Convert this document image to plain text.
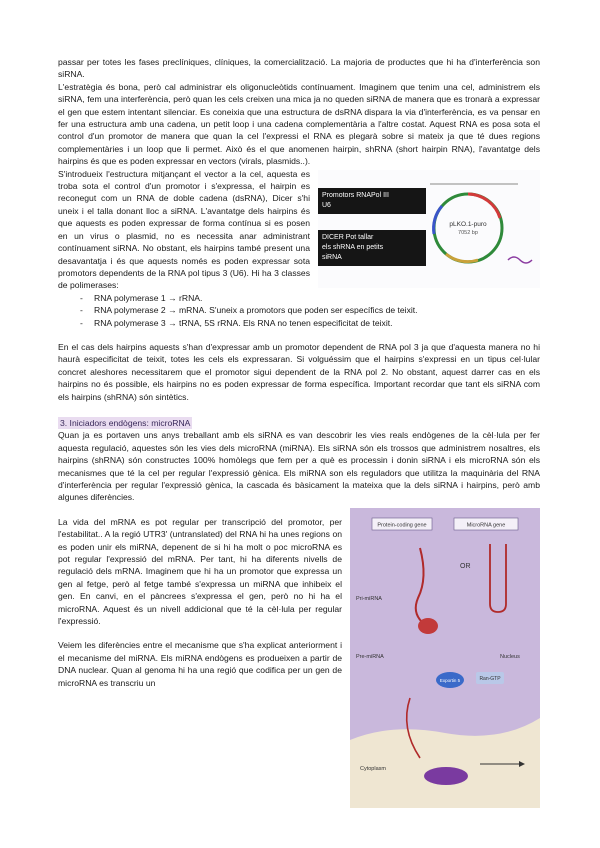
passar per totes les fases preclíniques, clíniques, la comercialització. La majoria de productes que hi ha d'interferència son siRNA.

L'estratègia és bona, però cal administrar els oligonucleòtids contínuament. Imaginem que tenim una cel, administrem els siRNA, fem una interferència, però quan les cels creixen una mica ja no queden siRNA de manera que es tronarà a expressar el gen que estem intentant silenciar. Es coneixia que una estructura de dsRNA dispara la via d'interferència, es va pensar en fer una estructura amb una cadena, un petit loop i una cadena complementària a l'altre costat. Aquest RNA es posa sota el control d'un promotor de manera que quan la cel l'expressi el RNA es plegarà sobre si mateix ja que té dues regions complementàries i un loop que li permet. Això és el que anomenen hairpin, shRNA (short hairpin RNA), l'avantatge dels hairpins és que es poden expressar en vectors (virals, plasmids..).

pLKO.1-puro
7052 bp
Promotors RNAPol III
U6
DICER Pot tallar
els shRNA en petits
siRNA

S'introdueix l'estructura mitjançant el vector a la cel, aquesta es troba sota el control d'un promotor i s'expressa, el hairpin es reconegut com un RNA de doble cadena (dsRNA), Dicer s'hi uneix i el talla donant lloc a siRNA. L'avantatge dels hairpins és que aquests es poden expressar de forma contínua si es posen en un virus o plasmid, no es necessita anar administrant contínuament siRNA. No obstant, els hairpins també present una desavantatja i és que aquests només es poden expressar sota promotors dependents de la RNA pol tipus 3 (U6). Hi ha 3 classes de polimerases:

- RNA polymerase 1 → rRNA.
- RNA polymerase 2 → mRNA. S'uneix a promotors que poden ser específics de teixit.
- RNA polymerase 3 → tRNA, 5S rRNA. Els RNA no tenen especificitat de teixit.

En el cas dels hairpins aquests s'han d'expressar amb un promotor dependent de RNA pol 3 ja que d'aquesta manera no hi haurà especificitat de teixit, totes les cels els expressaran. Si volguéssim que el hairpins s'expressi en un tipus cel·lular concret aleshores necessitarem que el promotor sigui dependent de la RNA pol 2. No obstant, aquest darrer cas en els hairpins no és possible, els hairpins no es poden expressar de forma específica. Important recordar que tant els siRNA com els hairpins (shRNA) són sintètics.

3. Iniciadors endògens: microRNA

Quan ja es portaven uns anys treballant amb els siRNA es van descobrir les vies reals endògenes de la cèl·lula per fer aquesta regulació, aquestes són les vies dels microRNA (miRNA). Els siRNA són els trossos que administrem nosaltres, els hairpins (shRNA) són constructes 100% homòlegs que fem per a què es processin i donin siRNA i els microRNA són els mecanismes que té la cel per regular l'expressió gènica. Els miRNA son els reguladors que utilitza la maquinària del RNA d'interferència per regular l'expressió gènica, la cascada és bàsicament la mateixa que la dels siRNA i hairpins, però amb algunes diferències.

Protein-coding gene	MicroRNA gene
OR
Pri-miRNA
Pre-miRNA	Nucleus
Exportin 5	Ran-GTP
Cytoplasm

La vida del mRNA es pot regular per transcripció del promotor, per l'estabilitat.. A la regió UTR3' (untranslated) del RNA hi ha unes regions on es poden unir els miRNA, depenent de si hi ha molt o poc microRNA es pot regular l'expressió del mRNA. Per tant, hi ha diferents nivells de regulació dels mRNA. Imaginem que hi ha un promotor que expressa un gen al fetge, però al fetge també s'expressa un miRNA que inhibeix el gen. En canvi, en el pàncrees s'expressa el gen, però no hi ha el microRNA. Aquest és un nivell addicional que té la cèl·lula per regular l'expressió.

Veiem les diferències entre el mecanisme que s'ha explicat anteriorment i el mecanisme del miRNA. Els miRNA endògens es produeixen a partir de DNA nuclear. Quan al genoma hi ha una regió que codifica per un gen de microRNA es transcriu un
